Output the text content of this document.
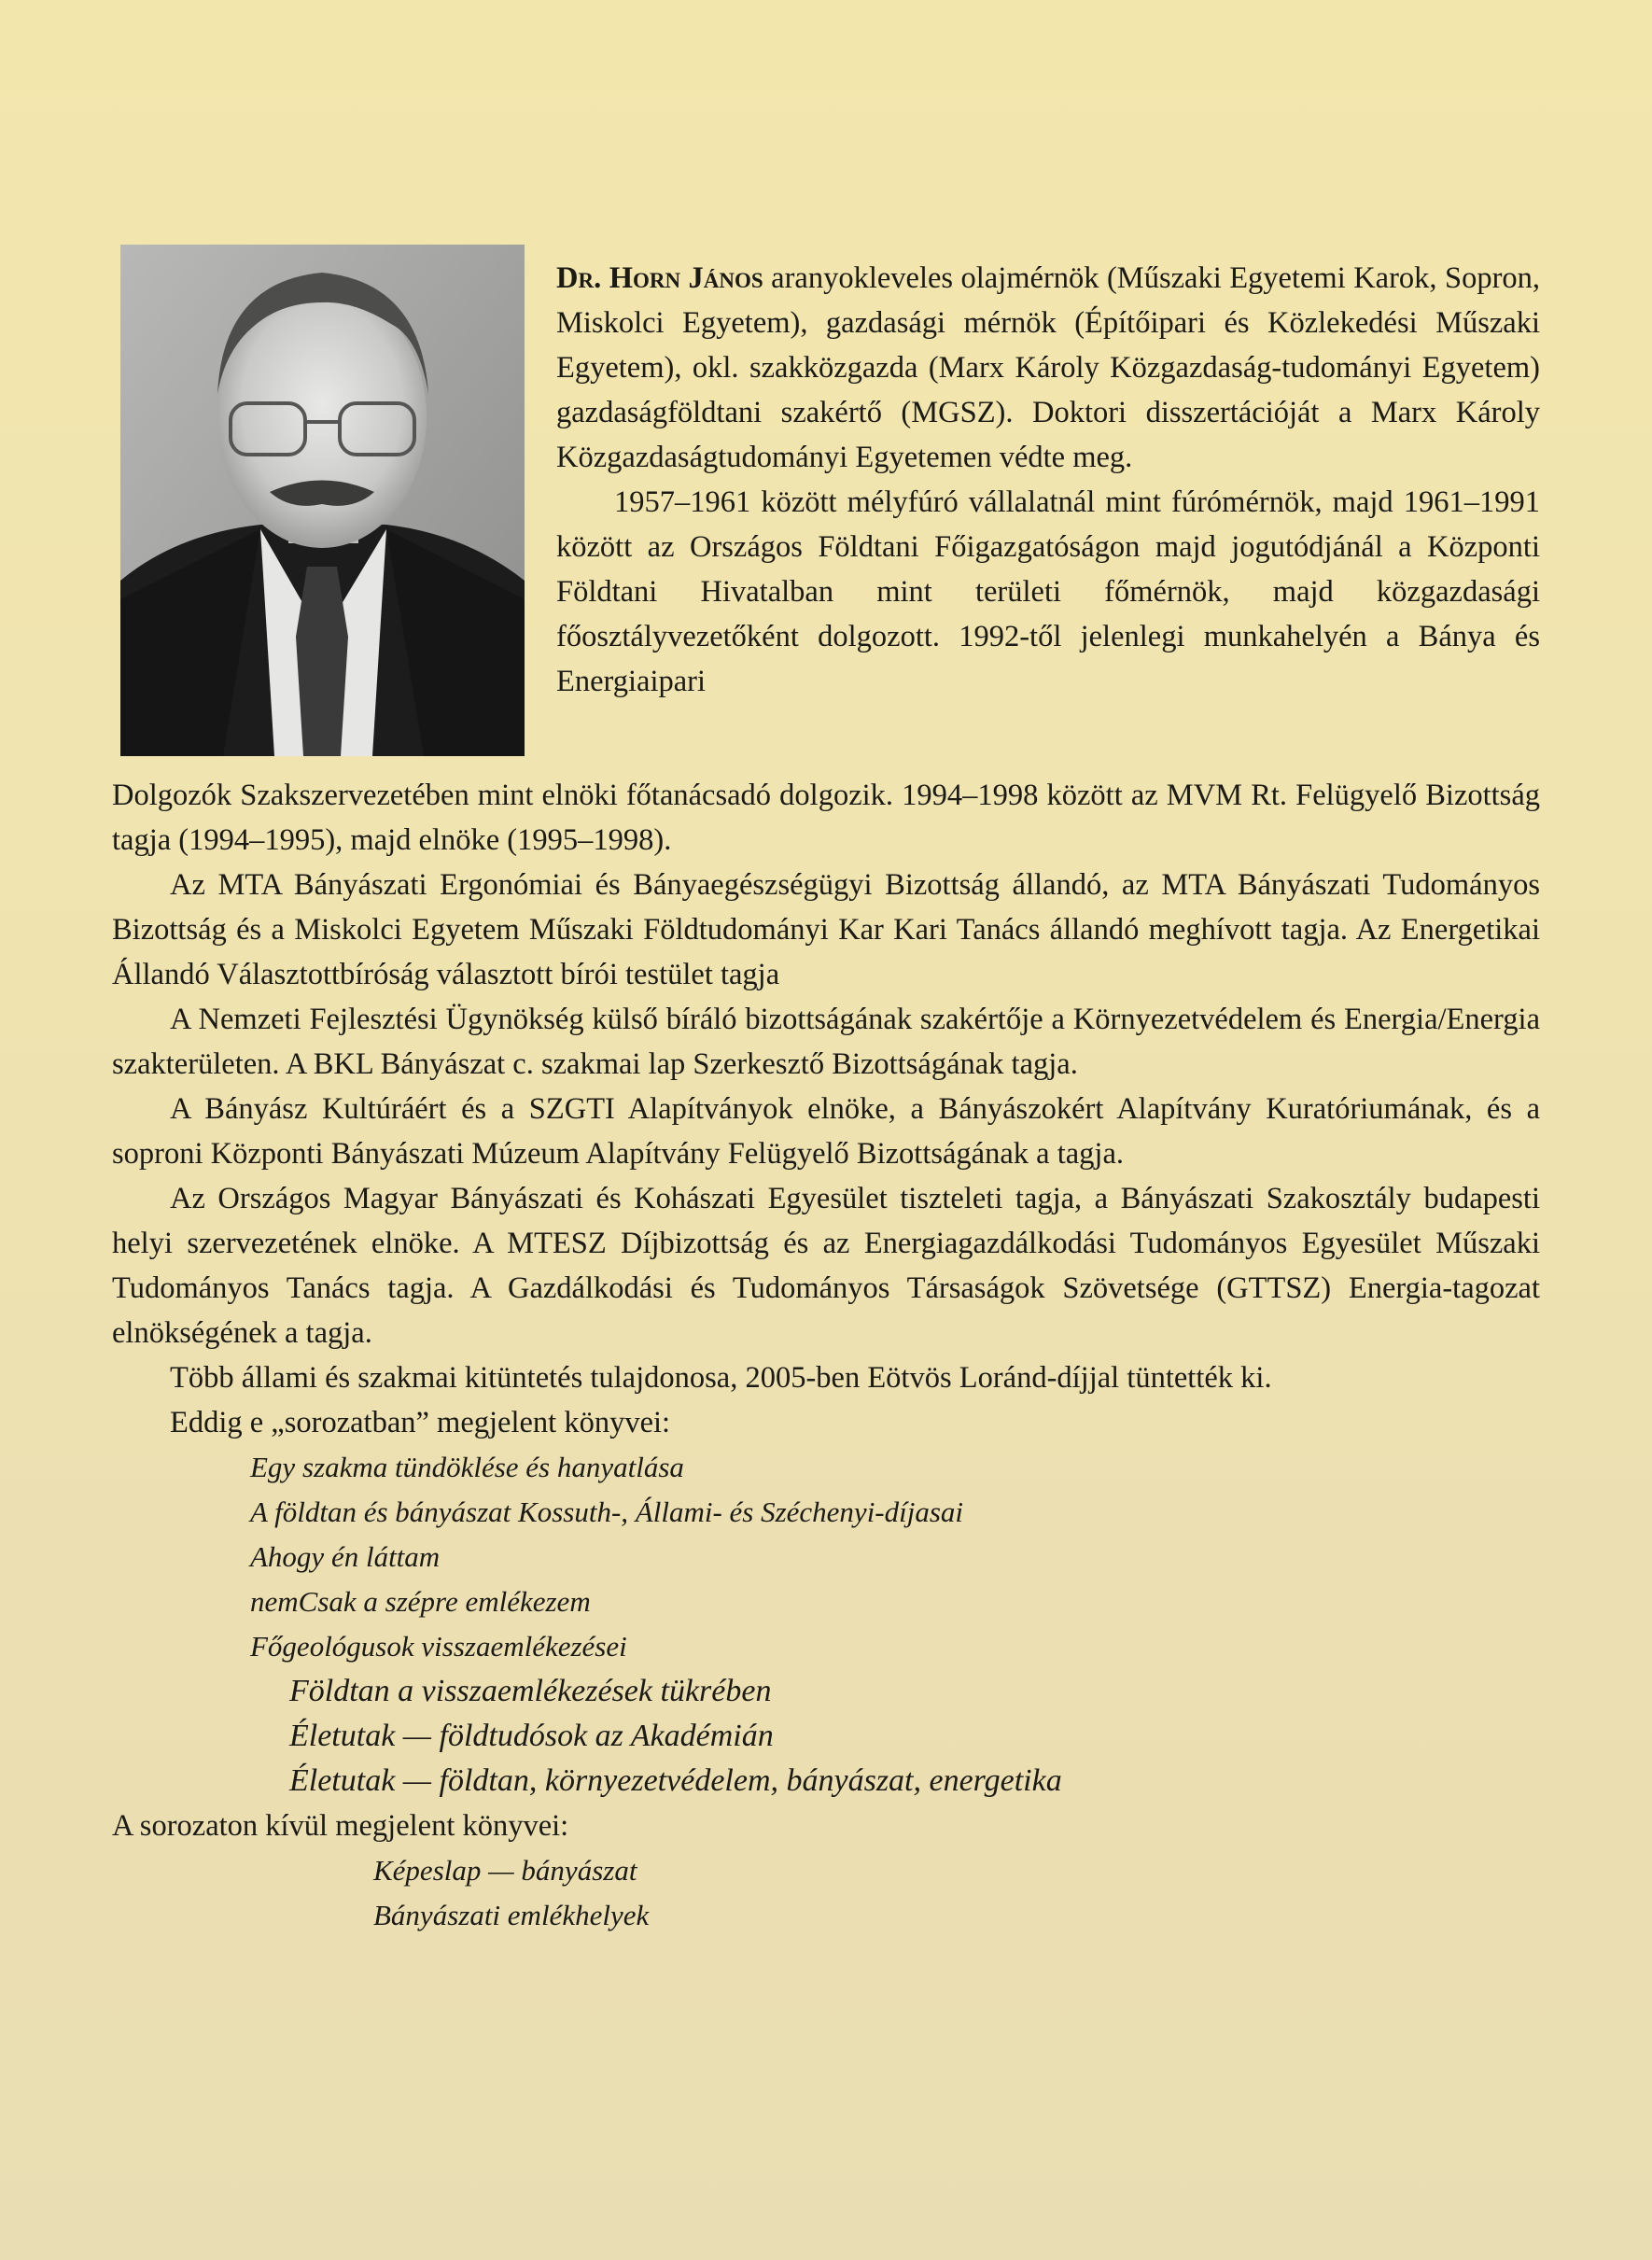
Dr. Horn János aranyokleveles olajmérnök (Műszaki Egyetemi Karok, Sopron, Miskolci Egyetem), gazdasági mérnök (Építőipari és Közlekedési Műszaki Egyetem), okl. szakközgazda (Marx Károly Közgazdaság-tudományi Egyetem) gazdaságföldtani szakértő (MGSZ). Doktori disszertációját a Marx Károly Közgazdaságtudományi Egyetemen védte meg.

1957–1961 között mélyfúró vállalatnál mint fúrómérnök, majd 1961–1991 között az Országos Földtani Főigazgatóságon majd jogutódjánál a Központi Földtani Hivatalban mint területi főmérnök, majd közgazdasági főosztályvezetőként dolgozott. 1992-től jelenlegi munkahelyén a Bánya és Energiaipari

Dolgozók Szakszervezetében mint elnöki főtanácsadó dolgozik. 1994–1998 között az MVM Rt. Felügyelő Bizottság tagja (1994–1995), majd elnöke (1995–1998).

Az MTA Bányászati Ergonómiai és Bányaegészségügyi Bizottság állandó, az MTA Bányászati Tudományos Bizottság és a Miskolci Egyetem Műszaki Földtudományi Kar Kari Tanács állandó meghívott tagja. Az Energetikai Állandó Választottbíróság választott bírói testület tagja

A Nemzeti Fejlesztési Ügynökség külső bíráló bizottságának szakértője a Környezetvédelem és Energia/Energia szakterületen. A BKL Bányászat c. szakmai lap Szerkesztő Bizottságának tagja.

A Bányász Kultúráért és a SZGTI Alapítványok elnöke, a Bányászokért Alapítvány Kuratóriumának, és a soproni Központi Bányászati Múzeum Alapítvány Felügyelő Bizottságának a tagja.

Az Országos Magyar Bányászati és Kohászati Egyesület tiszteleti tagja, a Bányászati Szakosztály budapesti helyi szervezetének elnöke. A MTESZ Díjbizottság és az Energiagazdálkodási Tudományos Egyesület Műszaki Tudományos Tanács tagja. A Gazdálkodási és Tudományos Társaságok Szövetsége (GTTSZ) Energia-tagozat elnökségének a tagja.

Több állami és szakmai kitüntetés tulajdonosa, 2005-ben Eötvös Loránd-díjjal tüntették ki.

Eddig e „sorozatban” megjelent könyvei:

Egy szakma tündöklése és hanyatlása
A földtan és bányászat Kossuth-, Állami- és Széchenyi-díjasai
Ahogy én láttam
nemCsak a szépre emlékezem
Főgeológusok visszaemlékezései
Földtan a visszaemlékezések tükrében
Életutak — földtudósok az Akadémián
Életutak — földtan, környezetvédelem, bányászat, energetika

A sorozaton kívül megjelent könyvei:

Képeslap — bányászat
Bányászati emlékhelyek
